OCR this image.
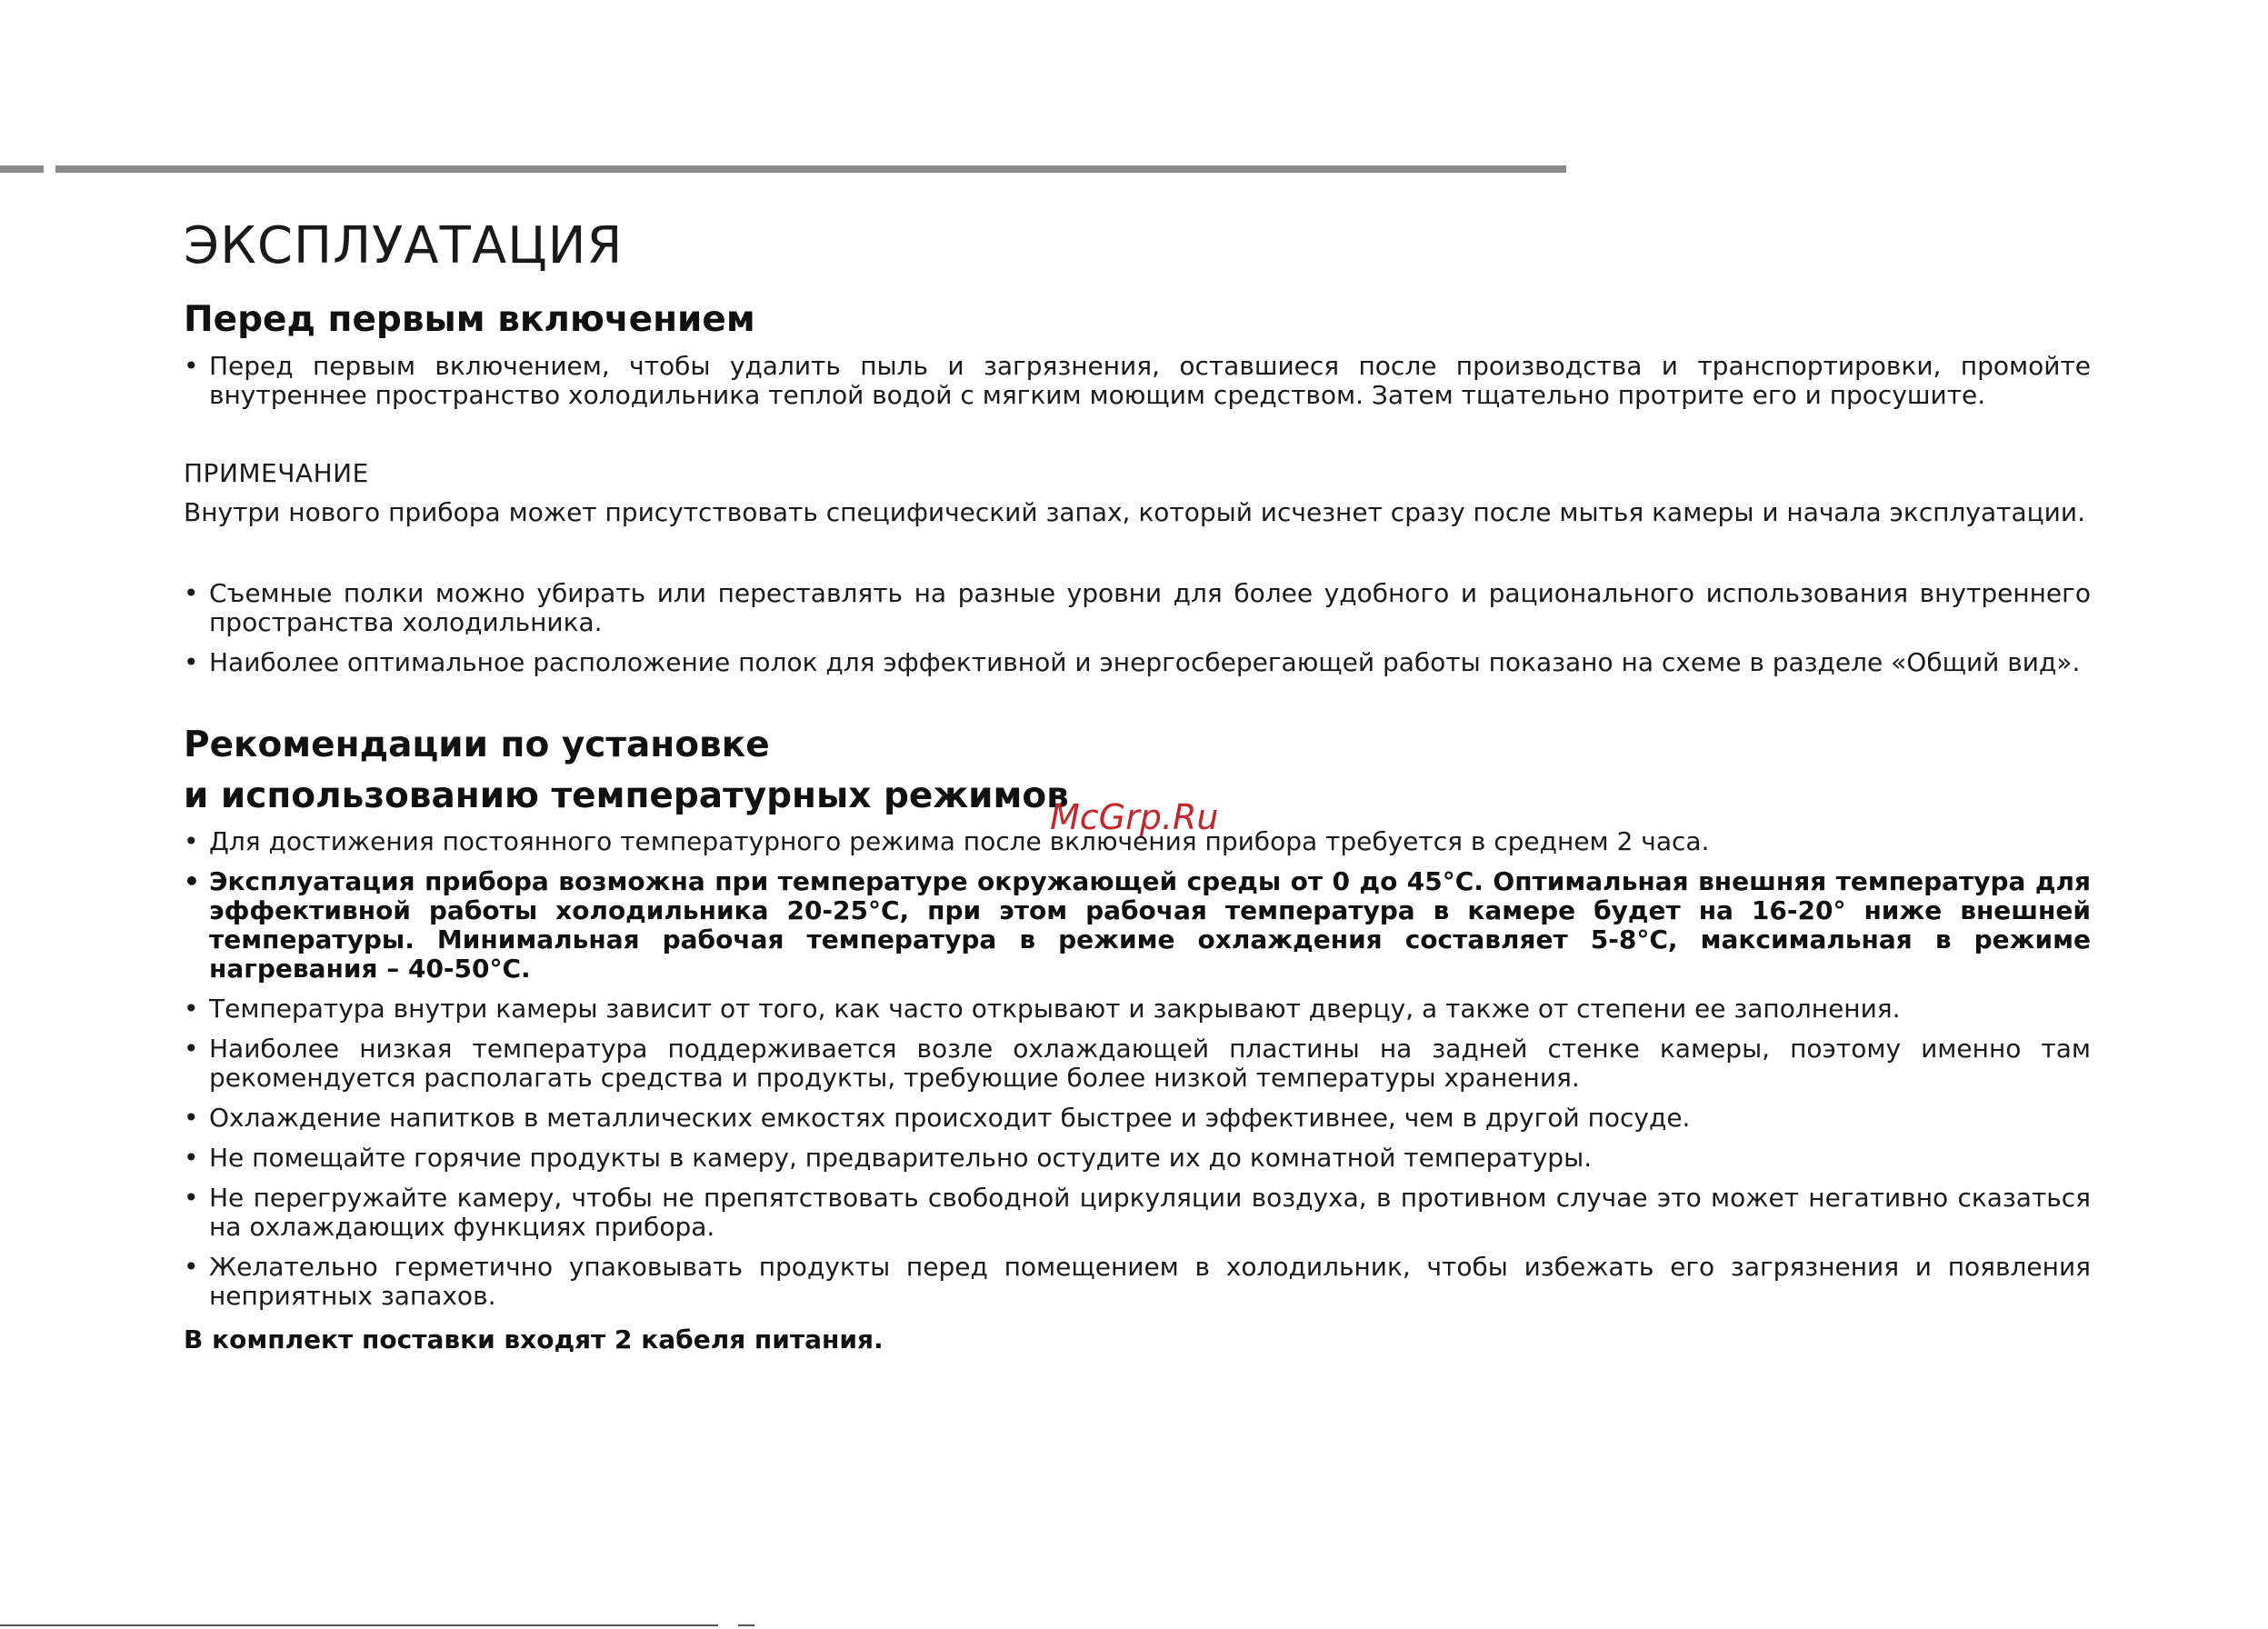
ЭКСПЛУАТАЦИЯ
Перед первым включением
• Перед первым включением, чтобы удалить пыль и загрязнения, оставшиеся после производства и транспортировки, промойте внутреннее пространство холодильника теплой водой с мягким моющим средством. Затем тщательно протрите его и просушите.
ПРИМЕЧАНИЕ
Внутри нового прибора может присутствовать специфический запах, который исчезнет сразу после мытья камеры и начала эксплуатации.
• Съемные полки можно убирать или переставлять на разные уровни для более удобного и рационального использования внутреннего пространства холодильника.
• Наиболее оптимальное расположение полок для эффективной и энергосберегающей работы показано на схеме в разделе «Общий вид».
Рекомендации по установке
и использованию температурных режимов
• Для достижения постоянного температурного режима после включения прибора требуется в среднем 2 часа.
• Эксплуатация прибора возможна при температуре окружающей среды от 0 до 45°С. Оптимальная внешняя температура для эффективной работы холодильника 20-25°С, при этом рабочая температура в камере будет на 16-20° ниже внешней температуры. Минимальная рабочая температура в режиме охлаждения составляет 5-8°С, максимальная в режиме нагревания – 40-50°С.
• Температура внутри камеры зависит от того, как часто открывают и закрывают дверцу, а также от степени ее заполнения.
• Наиболее низкая температура поддерживается возле охлаждающей пластины на задней стенке камеры, поэтому именно там рекомендуется располагать средства и продукты, требующие более низкой температуры хранения.
• Охлаждение напитков в металлических емкостях происходит быстрее и эффективнее, чем в другой посуде.
• Не помещайте горячие продукты в камеру, предварительно остудите их до комнатной температуры.
• Не перегружайте камеру, чтобы не препятствовать свободной циркуляции воздуха, в противном случае это может негативно сказаться на охлаждающих функциях прибора.
• Желательно герметично упаковывать продукты перед помещением в холодильник, чтобы избежать его загрязнения и появления неприятных запахов.
В комплект поставки входят 2 кабеля питания.
McGrp.Ru
